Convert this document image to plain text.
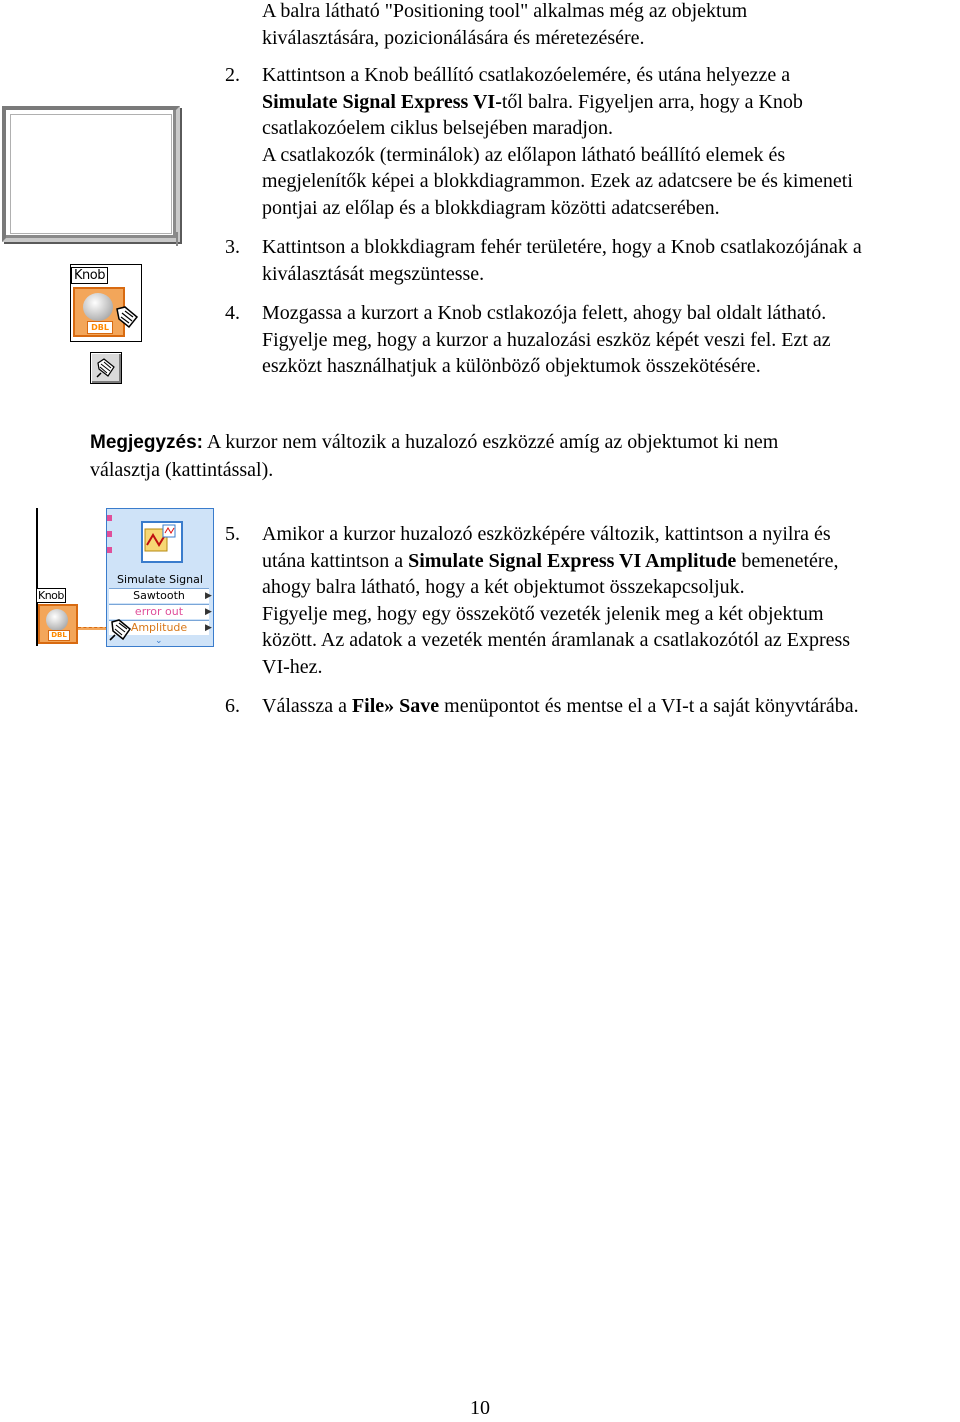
A balra látható "Positioning tool" alkalmas még az objektum
kiválasztására, pozicionálására és méretezésére.
2. Kattintson a Knob beállító csatlakozóelemére, és utána helyezze a
Simulate Signal Express VI-től balra. Figyeljen arra, hogy a Knob
csatlakozóelem ciklus belsejében maradjon.
A csatlakozók (terminálok) az előlapon látható beállító elemek és
megjelenítők képei a blokkdiagrammon. Ezek az adatcsere be és kimeneti
pontjai az előlap és a blokkdiagram közötti adatcserében.
3. Kattintson a blokkdiagram fehér területére, hogy a Knob csatlakozójának a
kiválasztását megszüntesse.
4. Mozgassa a kurzort a Knob cstlakozója felett, ahogy bal oldalt látható.
Figyelje meg, hogy a kurzor a huzalozási eszköz képét veszi fel. Ezt az
eszközt használhatjuk a különböző objektumok összekötésére.
Megjegyzés: A kurzor nem változik a huzalozó eszközzé amíg az objektumot ki nem
választja (kattintással).
5. Amikor a kurzor huzalozó eszközképére változik, kattintson a nyilra és
utána kattintson a Simulate Signal Express VI Amplitude bemenetére,
ahogy balra látható, hogy a két objektumot összekapcsoljuk.
Figyelje meg, hogy egy összekötő vezeték jelenik meg a két objektum
között. Az adatok a vezeték mentén áramlanak a csatlakozótól az Express
VI-hez.
6. Válassza a File» Save menüpontot és mentse el a VI-t a saját könyvtárába.
10
Knob
DBL
Knob
DBL
Simulate Signal
Sawtooth
error out
Amplitude
▶
▶
▶
⌄
